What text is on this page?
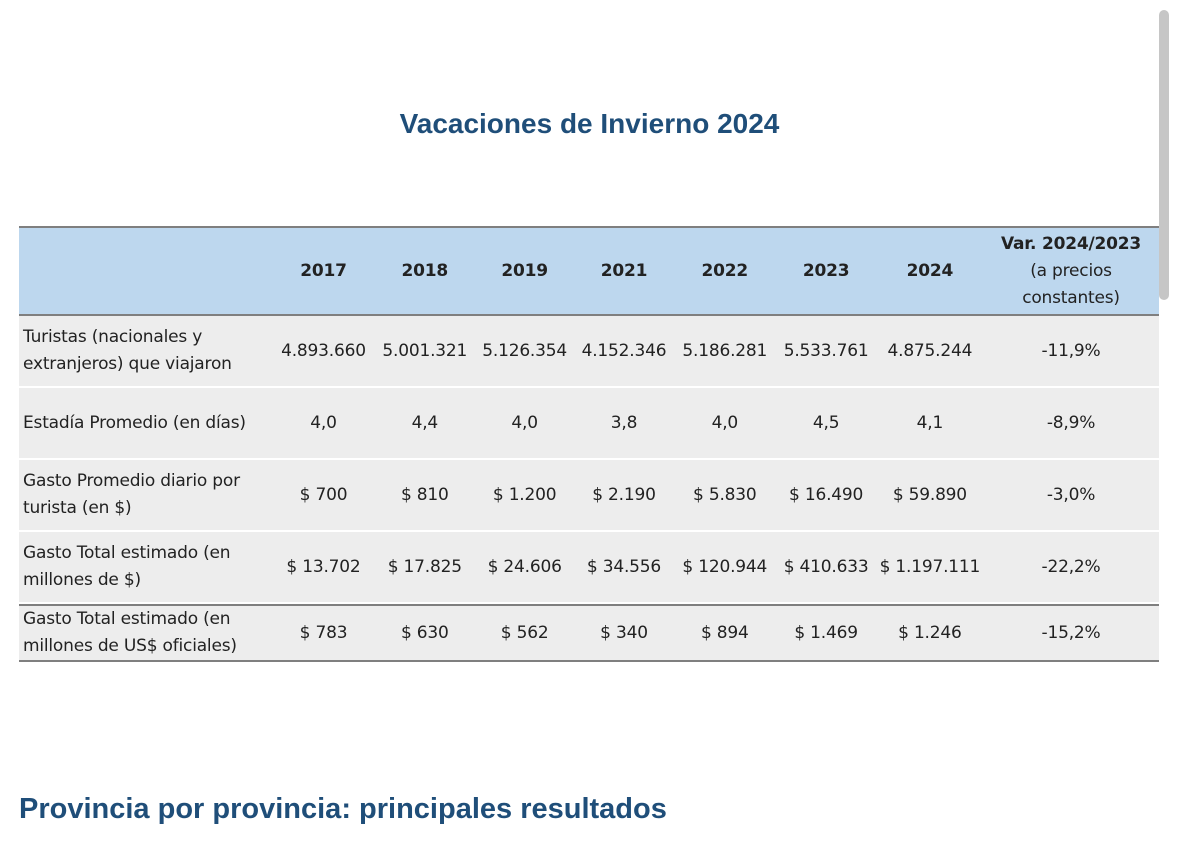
Vacaciones de Invierno 2024
2017	2018	2019	2021	2022	2023	2024
Var. 2024/2023
(a precios
constantes)
Turistas (nacionales y extranjeros) que viajaron
4.893.660 5.001.321 5.126.354 4.152.346 5.186.281 5.533.761	4.875.244	-11,9%
Estadía Promedio (en días)	4,0	4,4	4,0	3,8	4,0	4,5	4,1	-8,9%
Gasto Promedio diario por turista (en $)
$ 700	$ 810	$ 1.200	$ 2.190	$ 5.830	$ 16.490	$ 59.890	-3,0%
Gasto Total estimado (en millones de $)
$ 13.702	$ 17.825	$ 24.606	$ 34.556	$ 120.944 $ 410.633 $ 1.197.111	-22,2%
Gasto Total estimado (en millones de US$ oficiales)
$ 783	$ 630	$ 562	$ 340	$ 894	$ 1.469	$ 1.246	-15,2%
Provincia por provincia: principales resultados
